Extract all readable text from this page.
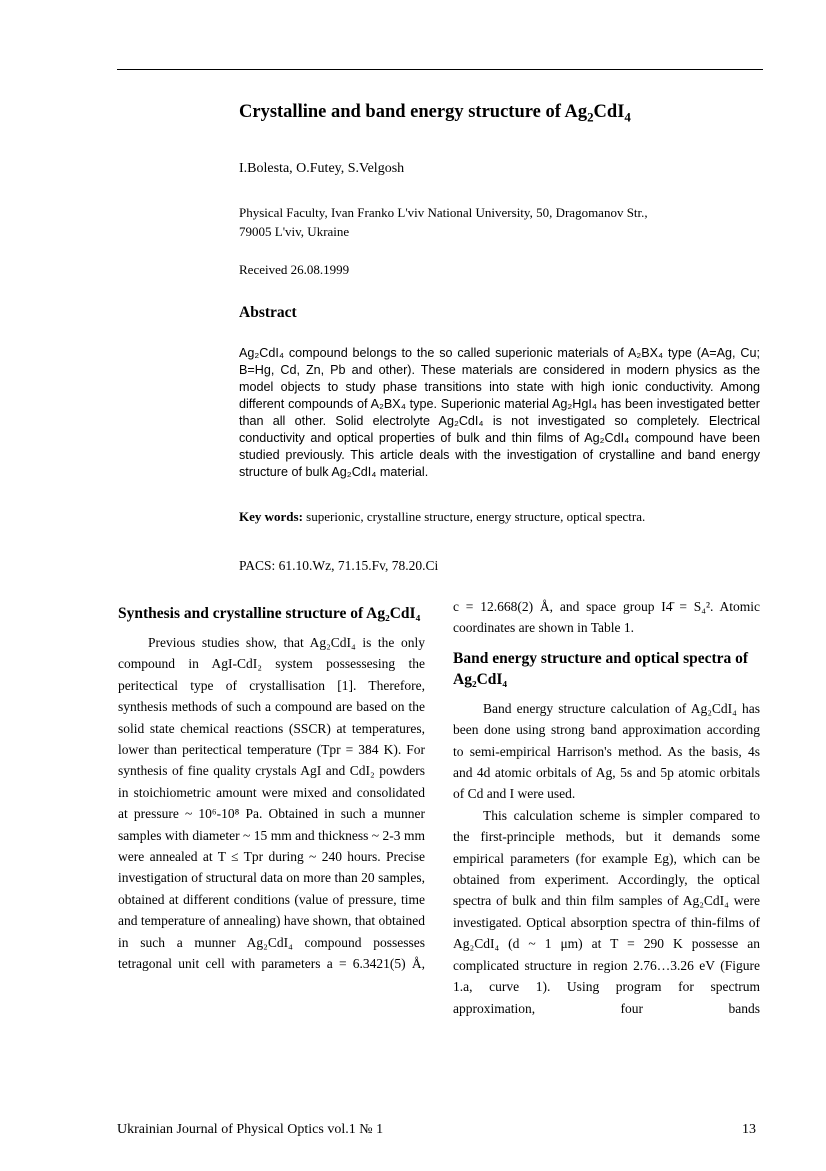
Crystalline and band energy structure of $Ag_2CdI_4$
I.Bolesta, O.Futey, S.Velgosh
Physical Faculty, Ivan Franko L'viv National University, 50, Dragomanov Str.,
79005 L'viv, Ukraine
Received 26.08.1999
Abstract
Ag₂CdI₄ compound belongs to the so called superionic materials of A₂BX₄ type (A=Ag, Cu; B=Hg, Cd, Zn, Pb and other). These materials are considered in modern physics as the model objects to study phase transitions into state with high ionic conductivity. Among different compounds of A₂BX₄ type. Superionic material Ag₂HgI₄ has been investigated better than all other. Solid electrolyte Ag₂CdI₄ is not investigated so completely. Electrical conductivity and optical properties of bulk and thin films of Ag₂CdI₄ compound have been studied previously. This article deals with the investigation of crystalline and band energy structure of bulk Ag₂CdI₄ material.
Key words: superionic, crystalline structure, energy structure, optical spectra.
PACS: 61.10.Wz, 71.15.Fv, 78.20.Ci
Synthesis and crystalline structure of Ag₂CdI₄

Previous studies show, that Ag₂CdI₄ is the only compound in AgI-CdI₂ system possessesing the peritectical type of crystallisation [1]. Therefore, synthesis methods of such a compound are based on the solid state chemical reactions (SSCR) at temperatures, lower than peritectical temperature (Tpr = 384 K). For synthesis of fine quality crystals AgI and CdI₂ powders in stoichiometric amount were mixed and consolidated at pressure ~ 10⁶-10⁸ Pa. Obtained in such a munner samples with diameter ~ 15 mm and thickness ~ 2-3 mm were annealed at T ≤ Tpr during ~ 240 hours. Precise investigation of structural data on more than 20 samples, obtained at different conditions (value of pressure, time and temperature of annealing) have shown, that obtained in such a munner Ag₂CdI₄ compound possesses tetragonal unit cell with parameters a = 6.3421(5) Å,

c = 12.668(2) Å, and space group I4̄ = S₄². Atomic coordinates are shown in Table 1.

Band energy structure and optical spectra of Ag₂CdI₄

Band energy structure calculation of Ag₂CdI₄ has been done using strong band approximation according to semi-empirical Harrison's method. As the basis, 4s and 4d atomic orbitals of Ag, 5s and 5p atomic orbitals of Cd and I were used.

This calculation scheme is simpler compared to the first-principle methods, but it demands some empirical parameters (for example Eg), which can be obtained from experiment. Accordingly, the optical spectra of bulk and thin film samples of Ag₂CdI₄ were investigated. Optical absorption spectra of thin-films of Ag₂CdI₄ (d ~ 1 μm) at T = 290 K possesse an complicated structure in region 2.76…3.26 eV (Figure 1.a, curve 1). Using program for spectrum approximation, four bands

Ukrainian Journal of Physical Optics vol.1 № 1	13
